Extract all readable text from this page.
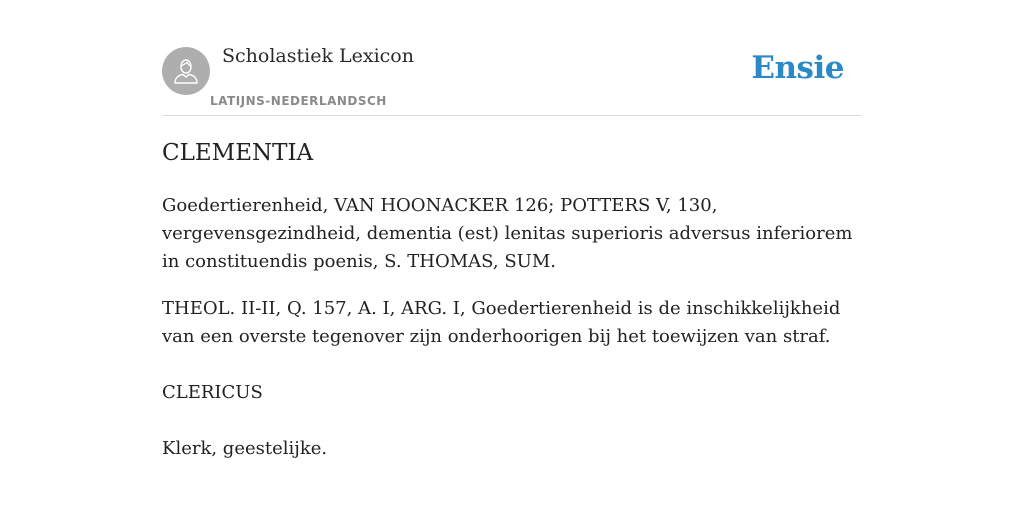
Scholastiek Lexicon
LATIJNS-NEDERLANDSCH
Ensie
CLEMENTIA

Goedertierenheid, VAN HOONACKER 126; POTTERS V, 130, vergevensgezindheid, dementia (est) lenitas superioris adversus inferiorem in constituendis poenis, S. THOMAS, SUM.

THEOL. II-II, Q. 157, A. I, ARG. I, Goedertierenheid is de inschikkelijkheid van een overste tegenover zijn onderhoorigen bij het toewijzen van straf.

CLERICUS

Klerk, geestelijke.
